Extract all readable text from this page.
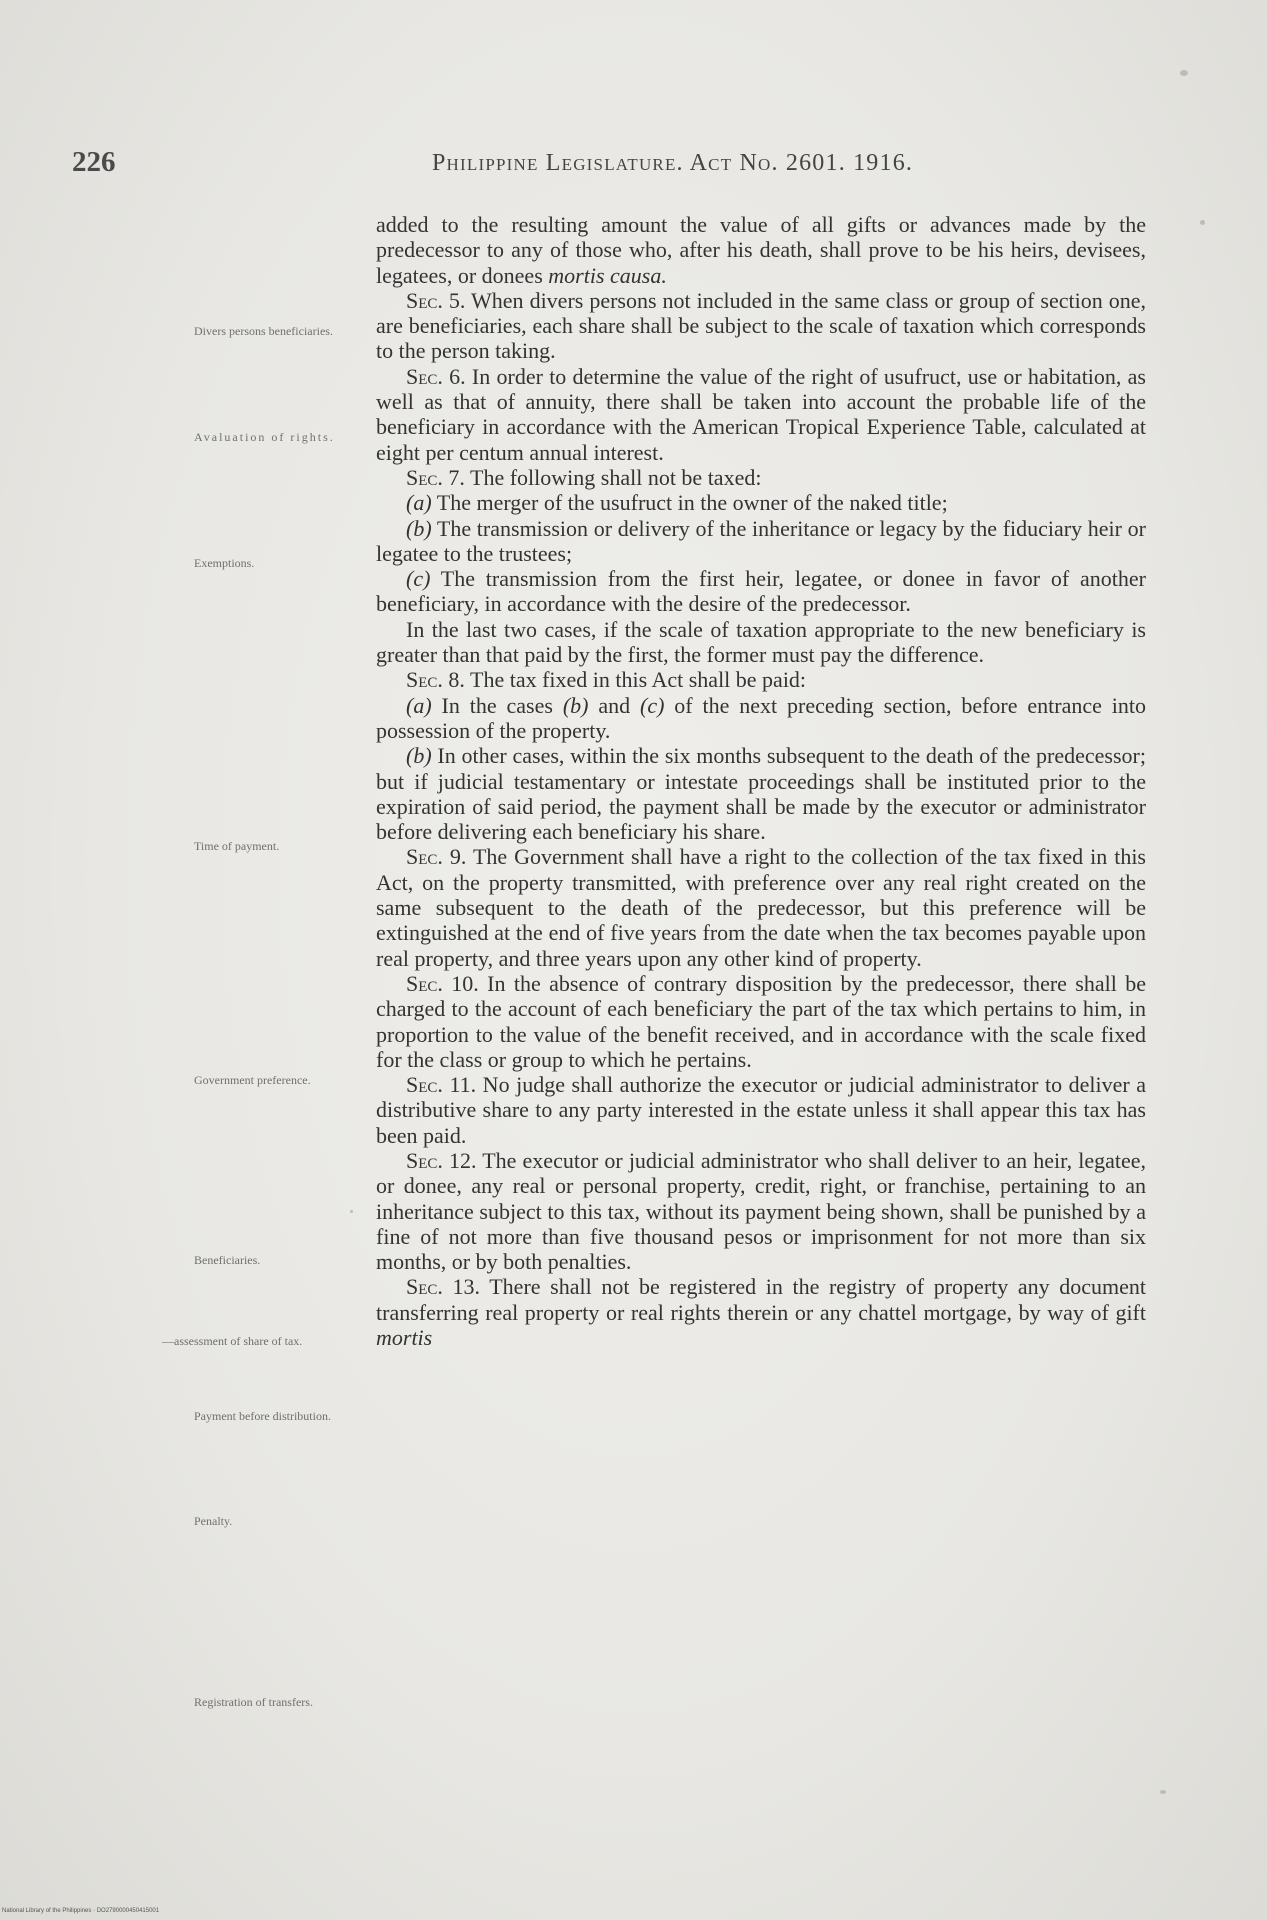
226	Philippine Legislature. Act No. 2601. 1916.
Divers persons beneficiaries.
Avaluation of rights.
Exemptions.
Time of payment.
Government preference.
Beneficiaries.
—assessment of share of tax.
Payment before distribution.
Penalty.
Registration of transfers.

added to the resulting amount the value of all gifts or advances made by the predecessor to any of those who, after his death, shall prove to be his heirs, devisees, legatees, or donees mortis causa.

Sec. 5. When divers persons not included in the same class or group of section one, are beneficiaries, each share shall be subject to the scale of taxation which corresponds to the person taking.

Sec. 6. In order to determine the value of the right of usufruct, use or habitation, as well as that of annuity, there shall be taken into account the probable life of the beneficiary in accordance with the American Tropical Experience Table, calculated at eight per centum annual interest.

Sec. 7. The following shall not be taxed:

(a) The merger of the usufruct in the owner of the naked title;

(b) The transmission or delivery of the inheritance or legacy by the fiduciary heir or legatee to the trustees;

(c) The transmission from the first heir, legatee, or donee in favor of another beneficiary, in accordance with the desire of the predecessor.

In the last two cases, if the scale of taxation appropriate to the new beneficiary is greater than that paid by the first, the former must pay the difference.

Sec. 8. The tax fixed in this Act shall be paid:

(a) In the cases (b) and (c) of the next preceding section, before entrance into possession of the property.

(b) In other cases, within the six months subsequent to the death of the predecessor; but if judicial testamentary or intestate proceedings shall be instituted prior to the expiration of said period, the payment shall be made by the executor or administrator before delivering each beneficiary his share.

Sec. 9. The Government shall have a right to the collection of the tax fixed in this Act, on the property transmitted, with preference over any real right created on the same subsequent to the death of the predecessor, but this preference will be extinguished at the end of five years from the date when the tax becomes payable upon real property, and three years upon any other kind of property.

Sec. 10. In the absence of contrary disposition by the predecessor, there shall be charged to the account of each beneficiary the part of the tax which pertains to him, in proportion to the value of the benefit received, and in accordance with the scale fixed for the class or group to which he pertains.

Sec. 11. No judge shall authorize the executor or judicial administrator to deliver a distributive share to any party interested in the estate unless it shall appear this tax has been paid.

Sec. 12. The executor or judicial administrator who shall deliver to an heir, legatee, or donee, any real or personal property, credit, right, or franchise, pertaining to an inheritance subject to this tax, without its payment being shown, shall be punished by a fine of not more than five thousand pesos or imprisonment for not more than six months, or by both penalties.

Sec. 13. There shall not be registered in the registry of property any document transferring real property or real rights therein or any chattel mortgage, by way of gift mortis

National Library of the Philippines · DO2790000450415001
